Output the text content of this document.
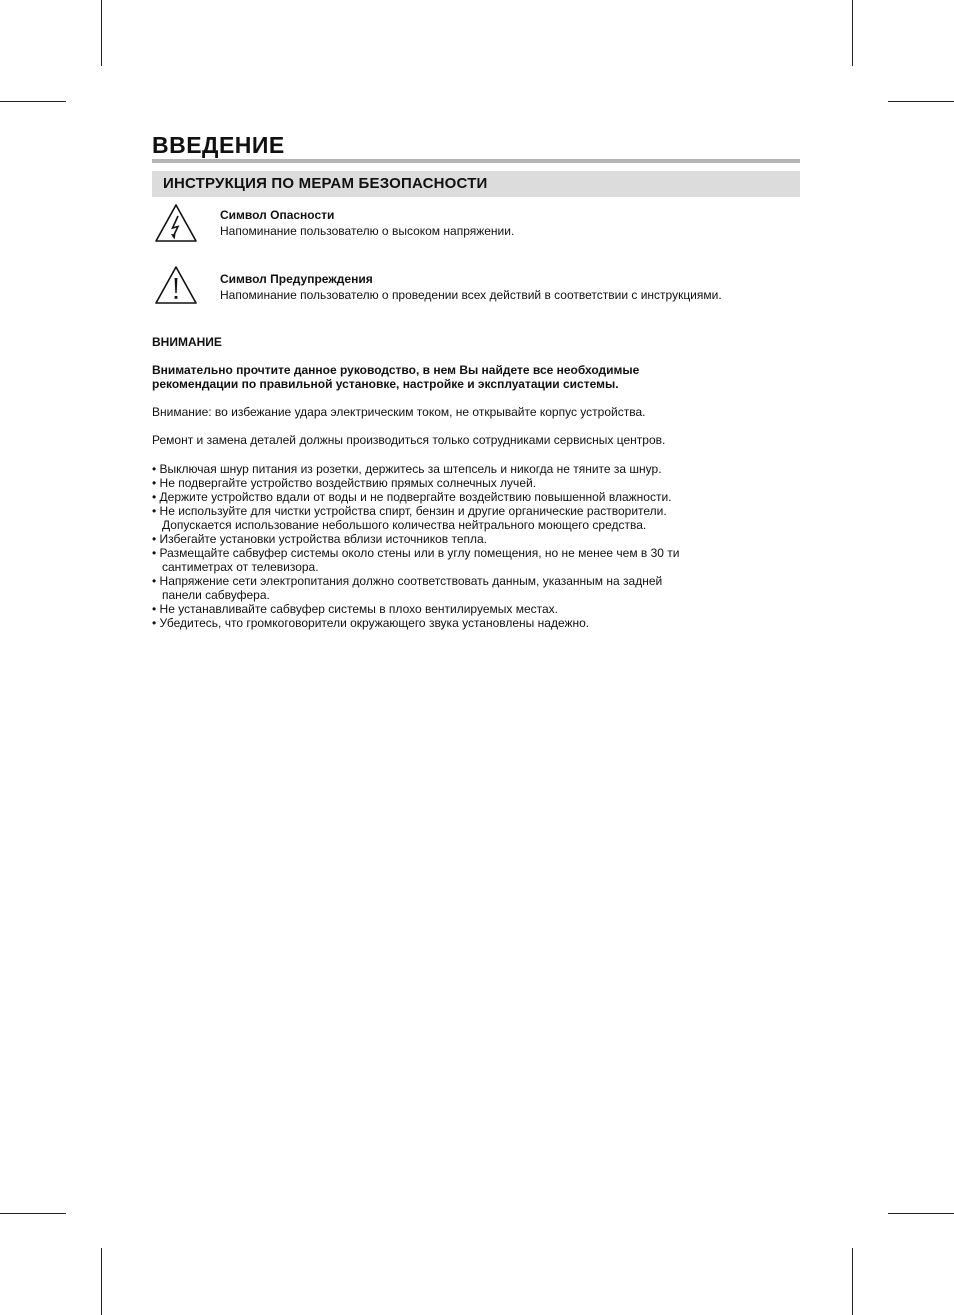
ВВЕДЕНИЕ
ИНСТРУКЦИЯ ПО МЕРАМ БЕЗОПАСНОСТИ
Символ Опасности
Напоминание пользователю о высоком напряжении.
Символ Предупреждения
Напоминание пользователю о проведении всех действий в соответствии с инструкциями.
ВНИМАНИЕ
Внимательно прочтите данное руководство, в нем Вы найдете все необходимые
рекомендации по правильной установке, настройке и эксплуатации системы.
Внимание: во избежание удара электрическим током, не открывайте корпус устройства.
Ремонт и замена деталей должны производиться только сотрудниками сервисных центров.
• Выключая шнур питания из розетки, держитесь за штепсель и никогда не тяните за шнур.
• Не подвергайте устройство воздействию прямых солнечных лучей.
• Держите устройство вдали от воды и не подвергайте воздействию повышенной влажности.
• Не используйте для чистки устройства спирт, бензин и другие органические растворители.
Допускается использование небольшого количества нейтрального моющего средства.
• Избегайте установки устройства вблизи источников тепла.
• Размещайте сабвуфер системы около стены или в углу помещения, но не менее чем в 30 ти
сантиметрах от телевизора.
• Напряжение сети электропитания должно соответствовать данным, указанным на задней
панели сабвуфера.
• Не устанавливайте сабвуфер системы в плохо вентилируемых местах.
• Убедитесь, что громкоговорители окружающего звука установлены надежно.
